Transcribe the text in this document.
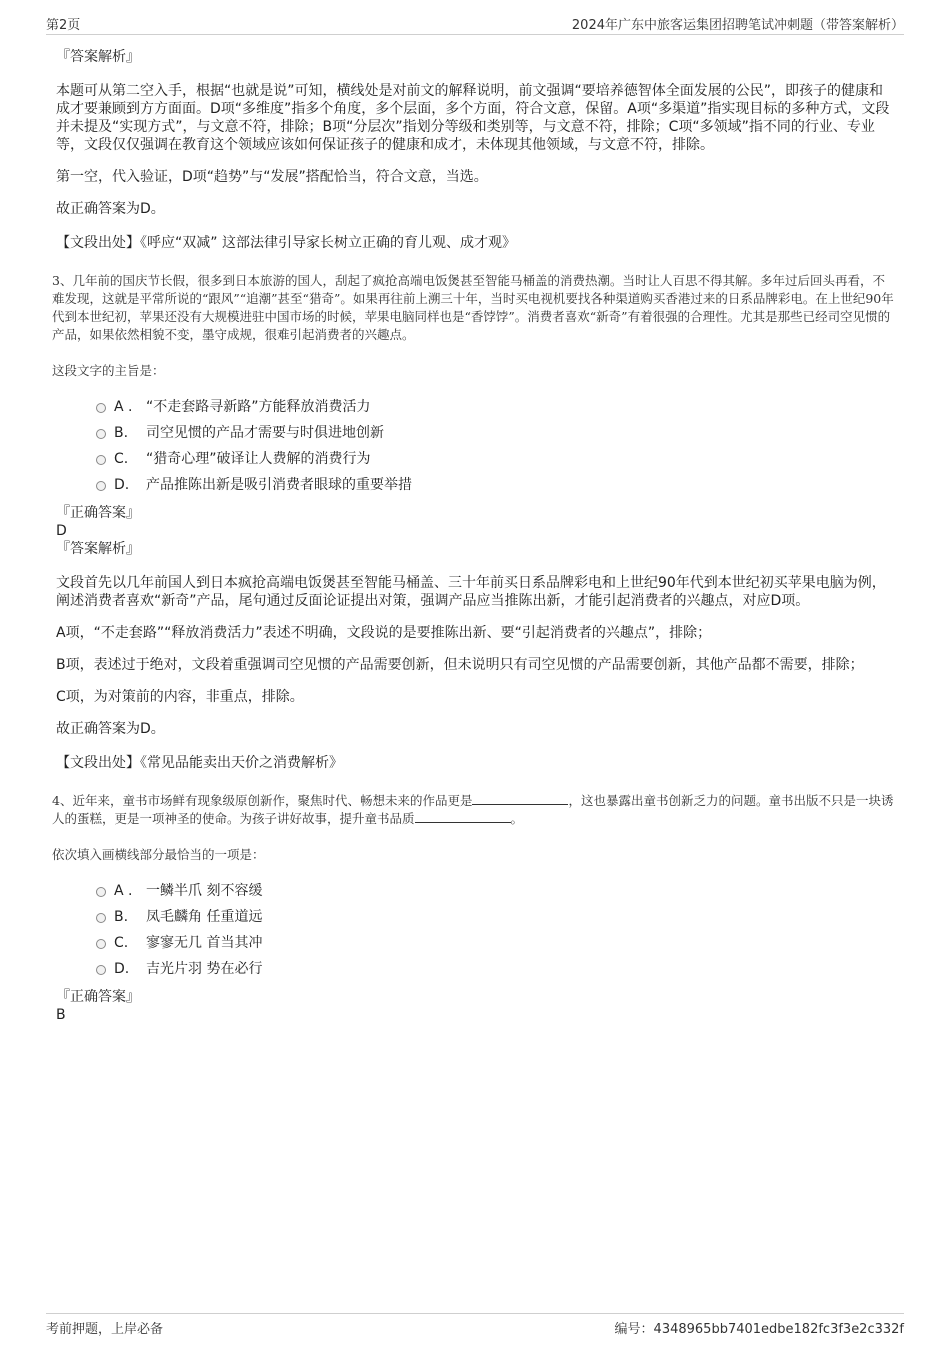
第2页	2024年广东中旅客运集团招聘笔试冲刺题（带答案解析）

『答案解析』

本题可从第二空入手，根据“也就是说”可知，横线处是对前文的解释说明，前文强调“要培养德智体全面发展的公民”，即孩子的健康和成才要兼顾到方方面面。D项“多维度”指多个角度，多个层面，多个方面，符合文意，保留。A项“多渠道”指实现目标的多种方式，文段并未提及“实现方式”，与文意不符，排除；B项“分层次”指划分等级和类别等，与文意不符，排除；C项“多领域”指不同的行业、专业等，文段仅仅强调在教育这个领域应该如何保证孩子的健康和成才，未体现其他领域，与文意不符，排除。

第一空，代入验证，D项“趋势”与“发展”搭配恰当，符合文意，当选。

故正确答案为D。

【文段出处】《呼应“双减” 这部法律引导家长树立正确的育儿观、成才观》

3、几年前的国庆节长假，很多到日本旅游的国人，刮起了疯抢高端电饭煲甚至智能马桶盖的消费热潮。当时让人百思不得其解。多年过后回头再看，不难发现，这就是平常所说的“跟风”“追潮”甚至“猎奇”。如果再往前上溯三十年，当时买电视机要找各种渠道购买香港过来的日系品牌彩电。在上世纪90年代到本世纪初，苹果还没有大规模进驻中国市场的时候，苹果电脑同样也是“香饽饽”。消费者喜欢“新奇”有着很强的合理性。尤其是那些已经司空见惯的产品，如果依然相貌不变，墨守成规，很难引起消费者的兴趣点。

这段文字的主旨是：

A . “不走套路寻新路”方能释放消费活力
B. 司空见惯的产品才需要与时俱进地创新
C. “猎奇心理”破译让人费解的消费行为
D. 产品推陈出新是吸引消费者眼球的重要举措

『正确答案』

D

『答案解析』

文段首先以几年前国人到日本疯抢高端电饭煲甚至智能马桶盖、三十年前买日系品牌彩电和上世纪90年代到本世纪初买苹果电脑为例，阐述消费者喜欢“新奇”产品，尾句通过反面论证提出对策，强调产品应当推陈出新，才能引起消费者的兴趣点，对应D项。

A项，“不走套路”“释放消费活力”表述不明确，文段说的是要推陈出新、要“引起消费者的兴趣点”，排除；

B项，表述过于绝对，文段着重强调司空见惯的产品需要创新，但未说明只有司空见惯的产品需要创新，其他产品都不需要，排除；

C项，为对策前的内容，非重点，排除。

故正确答案为D。

【文段出处】《常见品能卖出天价之消费解析》

4、近年来，童书市场鲜有现象级原创新作，聚焦时代、畅想未来的作品更是	，这也暴露出童书创新乏力的问题。童书出版不只是一块诱人的蛋糕，更是一项神圣的使命。为孩子讲好故事，提升童书品质	。

依次填入画横线部分最恰当的一项是：

A . 一鳞半爪 刻不容缓
B. 凤毛麟角 任重道远
C. 寥寥无几 首当其冲
D. 吉光片羽 势在必行

『正确答案』

B

考前押题，上岸必备	编号：4348965bb7401edbe182fc3f3e2c332f
